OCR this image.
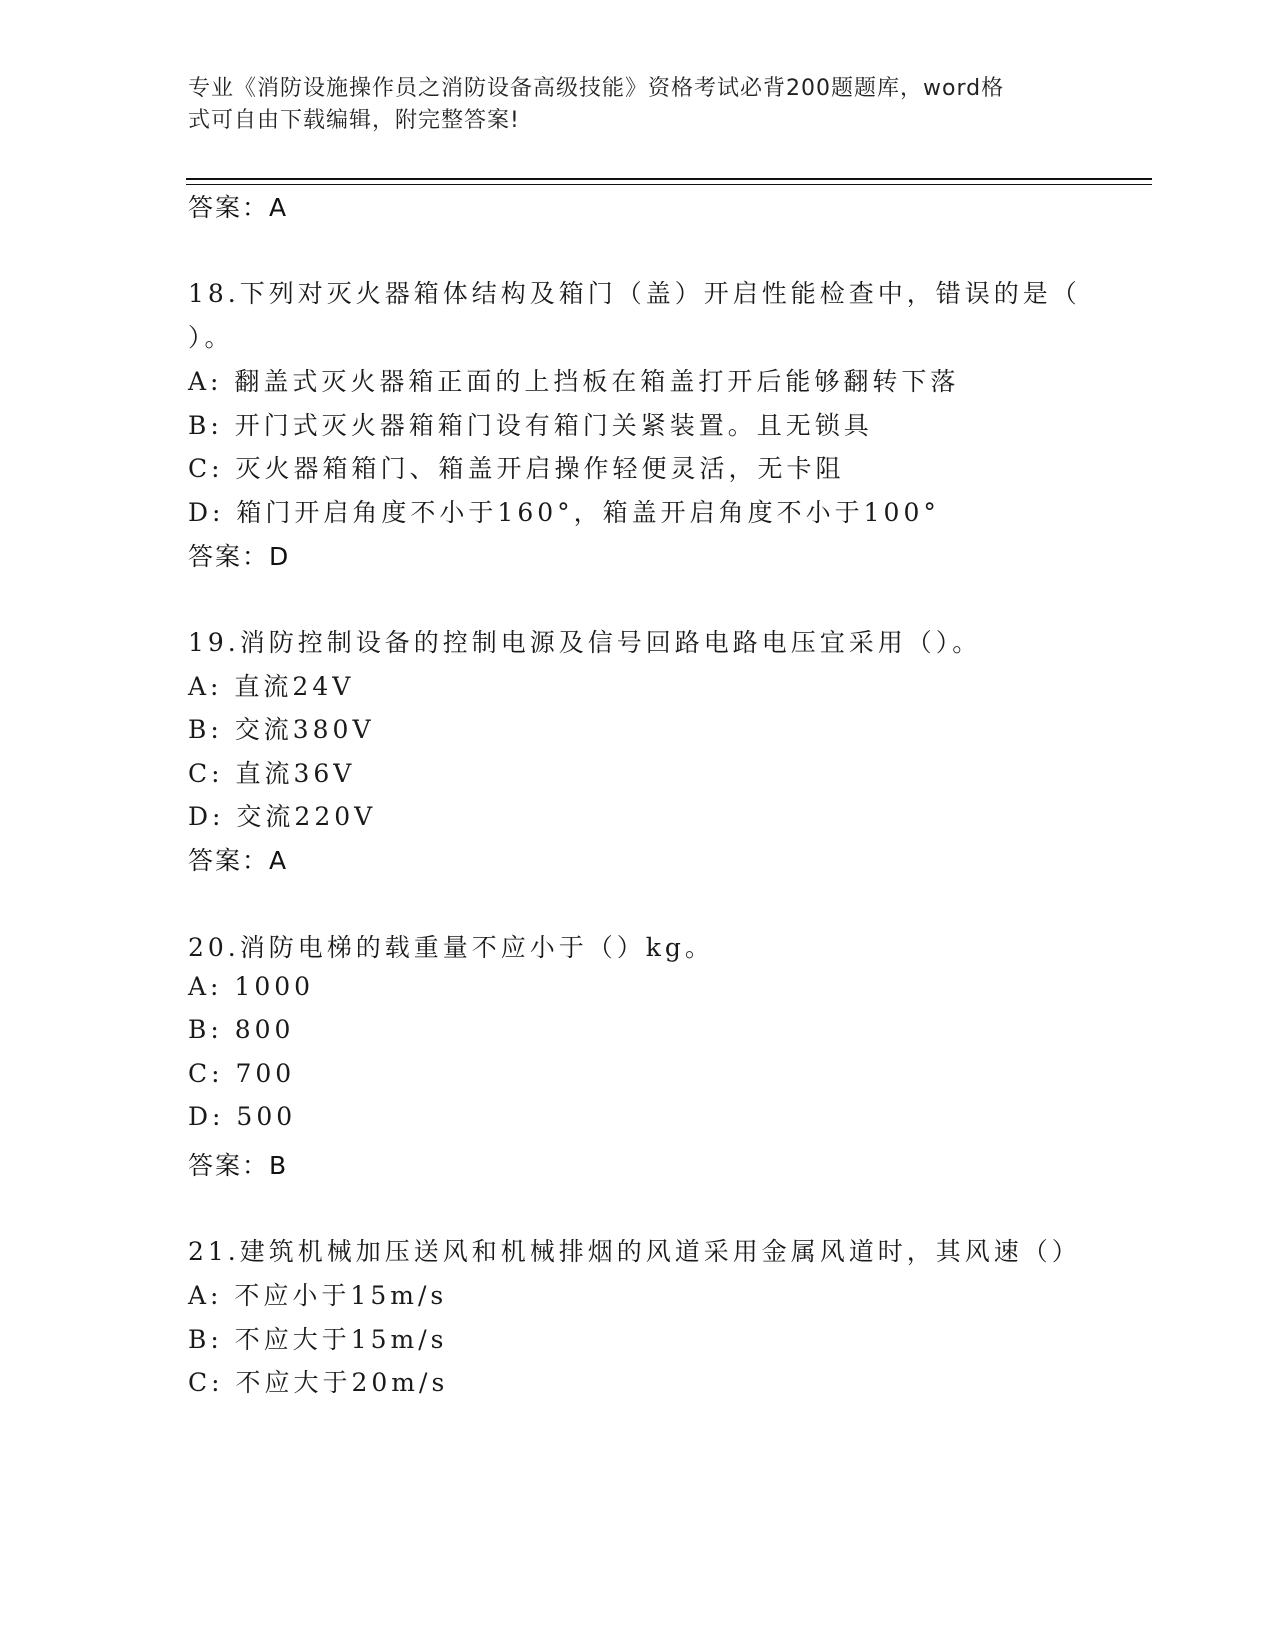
专业《消防设施操作员之消防设备高级技能》资格考试必背200题题库，word格
式可自由下载编辑，附完整答案!
答案：A
18.下列对灭火器箱体结构及箱门（盖）开启性能检查中，错误的是（
）。
A: 翻盖式灭火器箱正面的上挡板在箱盖打开后能够翻转下落
B: 开门式灭火器箱箱门设有箱门关紧装置。且无锁具
C: 灭火器箱箱门、箱盖开启操作轻便灵活，无卡阻
D: 箱门开启角度不小于160°，箱盖开启角度不小于100°
答案：D
19.消防控制设备的控制电源及信号回路电路电压宜采用（）。
A: 直流24V
B: 交流380V
C: 直流36V
D: 交流220V
答案：A
20.消防电梯的载重量不应小于（）kg。
A: 1000
B: 800
C: 700
D: 500
答案：B
21.建筑机械加压送风和机械排烟的风道采用金属风道时，其风速（）
A: 不应小于15m/s
B: 不应大于15m/s
C: 不应大于20m/s
